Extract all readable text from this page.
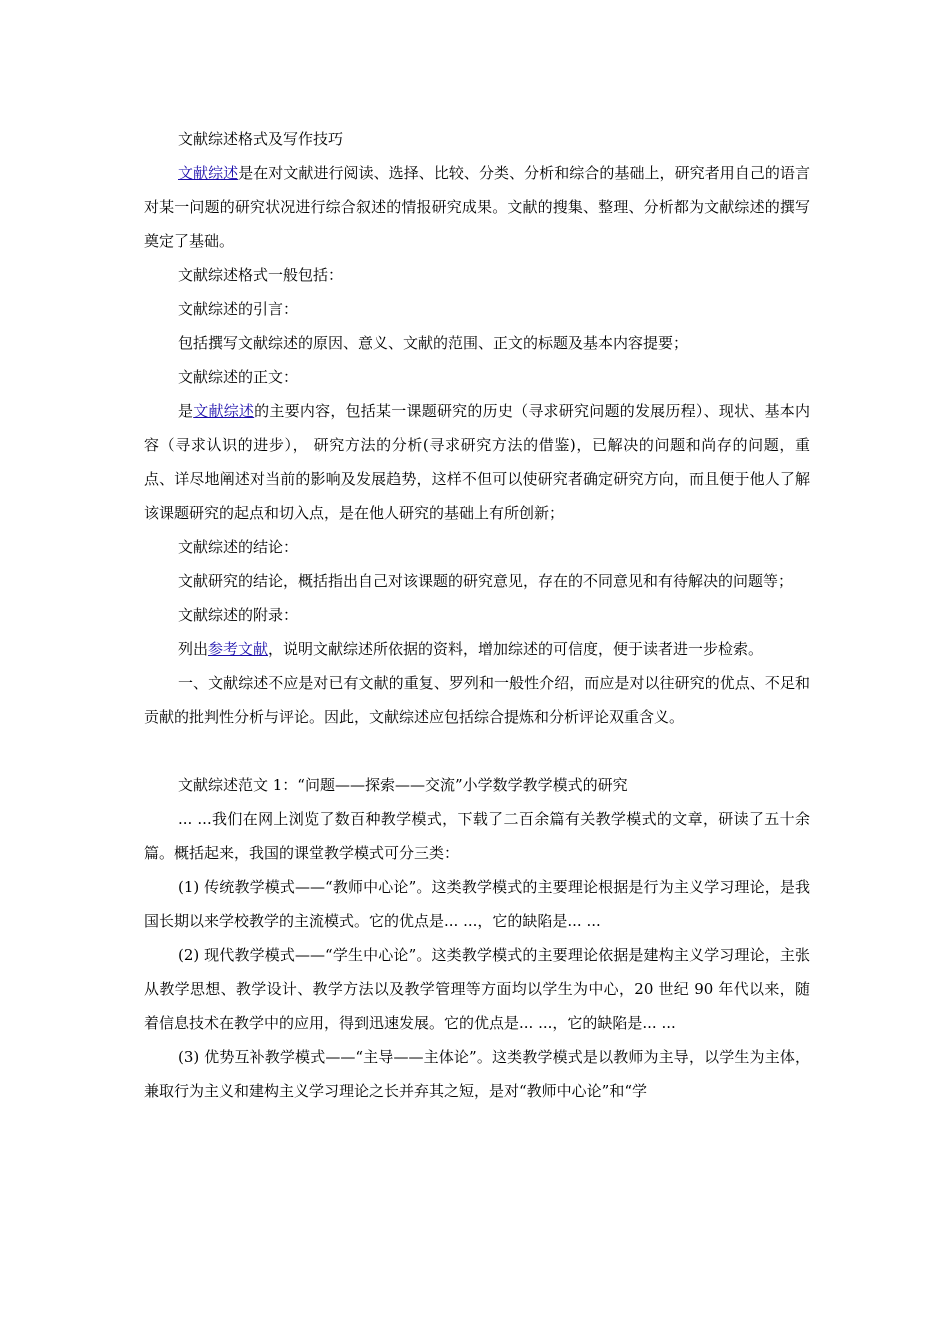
文献综述格式及写作技巧

文献综述是在对文献进行阅读、选择、比较、分类、分析和综合的基础上，研究者用自己的语言对某一问题的研究状况进行综合叙述的情报研究成果。文献的搜集、整理、分析都为文献综述的撰写奠定了基础。

文献综述格式一般包括：

文献综述的引言：

包括撰写文献综述的原因、意义、文献的范围、正文的标题及基本内容提要；

文献综述的正文：

是文献综述的主要内容，包括某一课题研究的历史（寻求研究问题的发展历程）、现状、基本内容（寻求认识的进步）， 研究方法的分析(寻求研究方法的借鉴)，已解决的问题和尚存的问题，重点、详尽地阐述对当前的影响及发展趋势，这样不但可以使研究者确定研究方向，而且便于他人了解该课题研究的起点和切入点，是在他人研究的基础上有所创新；

文献综述的结论：

文献研究的结论，概括指出自己对该课题的研究意见，存在的不同意见和有待解决的问题等；

文献综述的附录：

列出参考文献，说明文献综述所依据的资料，增加综述的可信度，便于读者进一步检索。

一、文献综述不应是对已有文献的重复、罗列和一般性介绍，而应是对以往研究的优点、不足和贡献的批判性分析与评论。因此，文献综述应包括综合提炼和分析评论双重含义。

文献综述范文 1：“问题——探索——交流”小学数学教学模式的研究

... ...我们在网上浏览了数百种教学模式，下载了二百余篇有关教学模式的文章，研读了五十余篇。概括起来，我国的课堂教学模式可分三类：

(1) 传统教学模式——“教师中心论”。这类教学模式的主要理论根据是行为主义学习理论，是我国长期以来学校教学的主流模式。它的优点是... ...，它的缺陷是... ...

(2) 现代教学模式——“学生中心论”。这类教学模式的主要理论依据是建构主义学习理论，主张从教学思想、教学设计、教学方法以及教学管理等方面均以学生为中心，20 世纪 90 年代以来，随着信息技术在教学中的应用，得到迅速发展。它的优点是... ...，它的缺陷是... ...

(3) 优势互补教学模式——“主导——主体论”。这类教学模式是以教师为主导，以学生为主体，兼取行为主义和建构主义学习理论之长并弃其之短，是对“教师中心论”和“学
